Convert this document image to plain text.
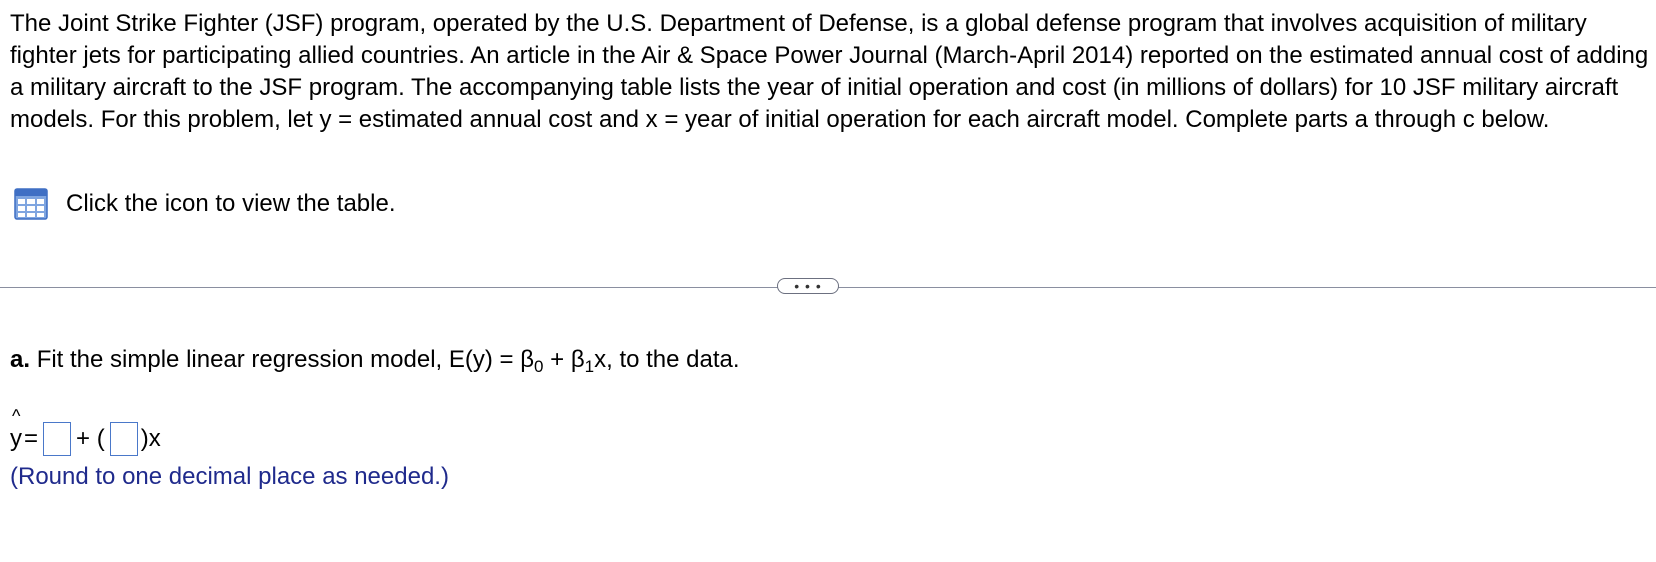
The Joint Strike Fighter (JSF) program, operated by the U.S. Department of Defense, is a global defense program that involves acquisition of military fighter jets for participating allied countries. An article in the Air & Space Power Journal (March-April 2014) reported on the estimated annual cost of adding a military aircraft to the JSF program. The accompanying table lists the year of initial operation and cost (in millions of dollars) for 10 JSF military aircraft models. For this problem, let y = estimated annual cost and x = year of initial operation for each aircraft model. Complete parts a through c below.

Click the icon to view the table.
• • •

a. Fit the simple linear regression model, $E(y) = \beta_0 + \beta_1x$, to the data.

^
y = + ( )x
(Round to one decimal place as needed.)
